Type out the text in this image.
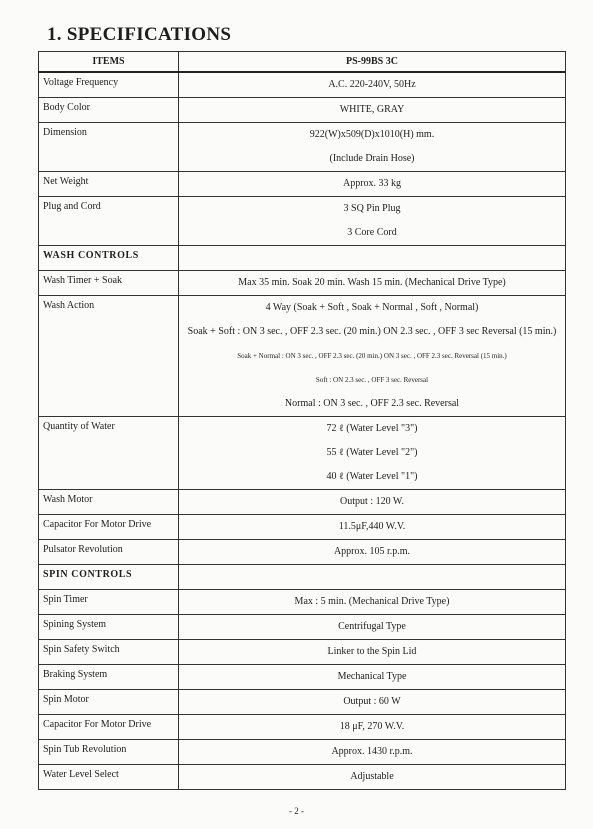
1. SPECIFICATIONS
ITEMS	PS-99BS 3C
Voltage Frequency	A.C. 220-240V, 50Hz

Body Color	WHITE, GRAY

Dimension	922(W)x509(D)x1010(H) mm.
(Include Drain Hose)

Net Weight	Approx. 33 kg

Plug and Cord	3 SQ Pin Plug
3 Core Cord

WASH CONTROLS	

Wash Timer + Soak	Max 35 min. Soak 20 min. Wash 15 min. (Mechanical Drive Type)

Wash Action	4 Way (Soak + Soft , Soak + Normal , Soft , Normal)
Soak + Soft : ON 3 sec. , OFF 2.3 sec. (20 min.) ON 2.3 sec. , OFF 3 sec Reversal (15 min.)
Soak + Normal : ON 3 sec. , OFF 2.3 sec. (20 min.) ON 3 sec. , OFF 2.3 sec. Reversal (15 min.)
Soft : ON 2.3 sec. , OFF 3 sec. Reversal
Normal : ON 3 sec. , OFF 2.3 sec. Reversal

Quantity of Water	72 ℓ (Water Level "3")
55 ℓ (Water Level "2")
40 ℓ (Water Level "1")

Wash Motor	Output : 120 W.

Capacitor For Motor Drive	11.5μF,440 W.V.

Pulsator Revolution	Approx. 105 r.p.m.

SPIN CONTROLS	

Spin Timer	Max : 5 min. (Mechanical Drive Type)

Spining System	Centrifugal Type

Spin Safety Switch	Linker to the Spin Lid

Braking System	Mechanical Type

Spin Motor	Output : 60 W

Capacitor For Motor Drive	18 μF, 270 W.V.

Spin Tub Revolution	Approx. 1430 r.p.m.

Water Level Select	Adjustable
- 2 -
